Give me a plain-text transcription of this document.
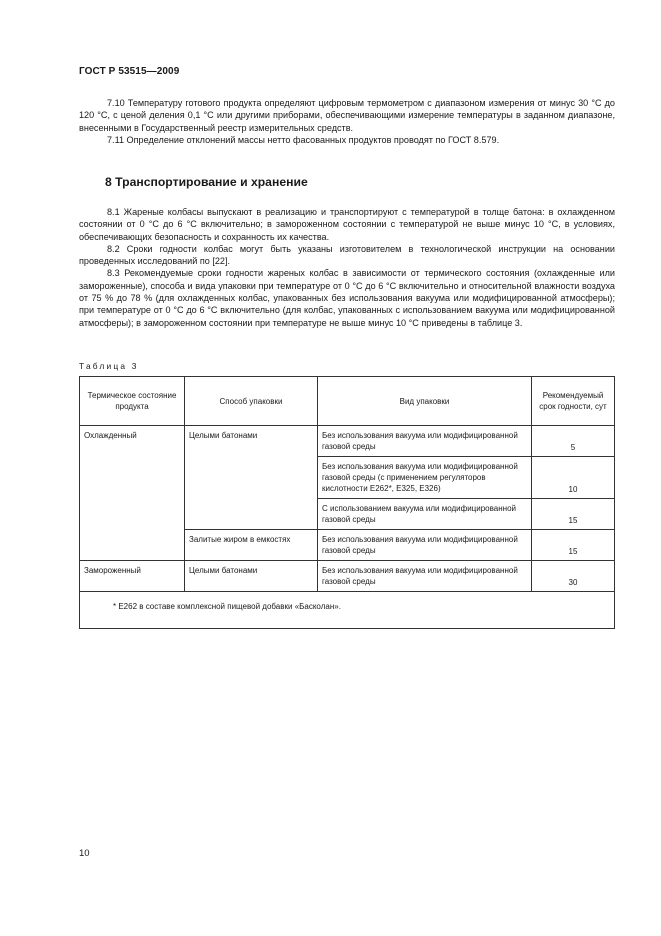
ГОСТ Р 53515—2009

7.10 Температуру готового продукта определяют цифровым термометром с диапазоном измерения от минус 30 °С до 120 °С, с ценой деления 0,1 °С или другими приборами, обеспечивающими измерение температуры в заданном диапазоне, внесенными в Государственный реестр измерительных средств.

7.11 Определение отклонений массы нетто фасованных продуктов проводят по ГОСТ 8.579.

8 Транспортирование и хранение

8.1 Жареные колбасы выпускают в реализацию и транспортируют с температурой в толще батона: в охлажденном состоянии от 0 °С до 6 °С включительно; в замороженном состоянии с температурой не выше минус 10 °С, в условиях, обеспечивающих безопасность и сохранность их качества.

8.2 Сроки годности колбас могут быть указаны изготовителем в технологической инструкции на основании проведенных исследований по [22].

8.3 Рекомендуемые сроки годности жареных колбас в зависимости от термического состояния (охлажденные или замороженные), способа и вида упаковки при температуре от 0 °С до 6 °С включительно и относительной влажности воздуха от 75 % до 78 % (для охлажденных колбас, упакованных без использования вакуума или модифицированной атмосферы); при температуре от 0 °С до 6 °С включительно (для колбас, упакованных с использованием вакуума или модифицированной атмосферы); в замороженном состоянии при температуре не выше минус 10 °С приведены в таблице 3.

Таблица 3
Термическое состояние продукта	Способ упаковки	Вид упаковки	Рекомендуемый срок годности, сут
Охлажденный	Целыми батонами	Без использования вакуума или модифицированной газовой среды	5
		Без использования вакуума или модифицированной газовой среды (с применением регуляторов кислотности Е262*, Е325, Е326)	10
		С использованием вакуума или модифицированной газовой среды	15
	Залитые жиром в емкостях	Без использования вакуума или модифицированной газовой среды	15
Замороженный	Целыми батонами	Без использования вакуума или модифицированной газовой среды	30
* Е262 в составе комплексной пищевой добавки «Басколан».			
10
